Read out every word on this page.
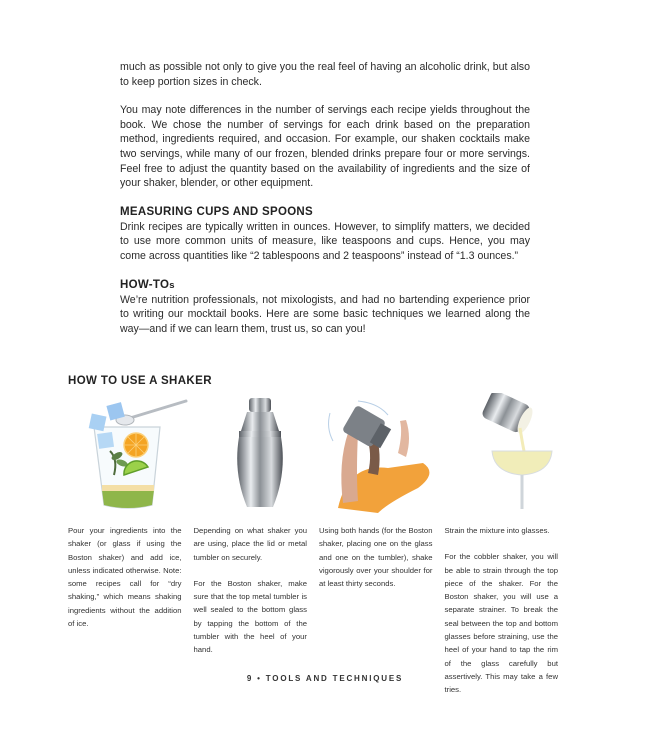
much as possible not only to give you the real feel of having an alcoholic drink, but also to keep portion sizes in check.

You may note differences in the number of servings each recipe yields throughout the book. We chose the number of servings for each drink based on the preparation method, ingredients required, and occasion. For example, our shaken cocktails make two servings, while many of our frozen, blended drinks prepare four or more servings. Feel free to adjust the quantity based on the availability of ingredients and the size of your shaker, blender, or other equipment.

MEASURING CUPS AND SPOONS

Drink recipes are typically written in ounces. However, to simplify matters, we decided to use more common units of measure, like teaspoons and cups. Hence, you may come across quantities like “2 tablespoons and 2 teaspoons” instead of “1.3 ounces.”

HOW-TOs

We’re nutrition professionals, not mixologists, and had no bartending experience prior to writing our mocktail books. Here are some basic techniques we learned along the way—and if we can learn them, trust us, so can you!

HOW TO USE A SHAKER

Pour your ingredients into the shaker (or glass if using the Boston shaker) and add ice, unless indicated otherwise. Note: some recipes call for “dry shaking,” which means shaking ingredients without the addition of ice.

Depending on what shaker you are using, place the lid or metal tumbler on securely.

For the Boston shaker, make sure that the top metal tumbler is well sealed to the bottom glass by tapping the bottom of the tumbler with the heel of your hand.

Using both hands (for the Boston shaker, placing one on the glass and one on the tumbler), shake vigorously over your shoulder for at least thirty seconds.

Strain the mixture into glasses.

For the cobbler shaker, you will be able to strain through the top piece of the shaker. For the Boston shaker, you will use a separate strainer. To break the seal between the top and bottom glasses before straining, use the heel of your hand to tap the rim of the glass carefully but assertively. This may take a few tries.

9 • TOOLS AND TECHNIQUES
